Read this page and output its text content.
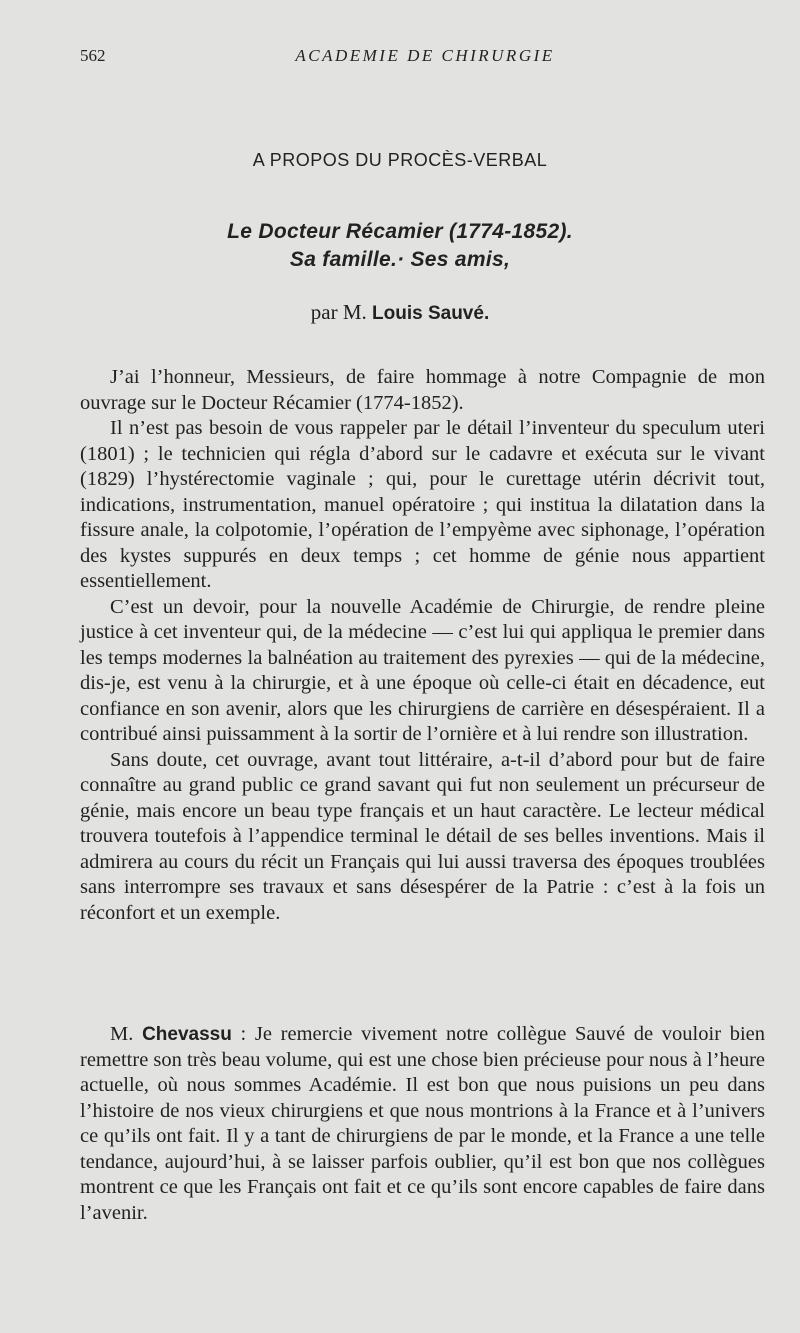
562	ACADEMIE DE CHIRURGIE
A PROPOS DU PROCÈS-VERBAL
Le Docteur Récamier (1774-1852).
Sa famille.· Ses amis,
par M. Louis Sauvé.

J’ai l’honneur, Messieurs, de faire hommage à notre Compagnie de mon ouvrage sur le Docteur Récamier (1774-1852).

Il n’est pas besoin de vous rappeler par le détail l’inventeur du speculum uteri (1801) ; le technicien qui régla d’abord sur le cadavre et exécuta sur le vivant (1829) l’hystérectomie vaginale ; qui, pour le curettage utérin décrivit tout, indications, instrumentation, manuel opératoire ; qui institua la dilatation dans la fissure anale, la colpotomie, l’opération de l’empyème avec siphonage, l’opération des kystes suppurés en deux temps ; cet homme de génie nous appartient essentiellement.

C’est un devoir, pour la nouvelle Académie de Chirurgie, de rendre pleine justice à cet inventeur qui, de la médecine — c’est lui qui appliqua le premier dans les temps modernes la balnéation au traitement des pyrexies — qui de la médecine, dis-je, est venu à la chirurgie, et à une époque où celle-ci était en décadence, eut confiance en son avenir, alors que les chirurgiens de carrière en désespéraient. Il a contribué ainsi puissamment à la sortir de l’ornière et à lui rendre son illustration.

Sans doute, cet ouvrage, avant tout littéraire, a-t-il d’abord pour but de faire connaître au grand public ce grand savant qui fut non seulement un précurseur de génie, mais encore un beau type français et un haut caractère. Le lecteur médical trouvera toutefois à l’appendice terminal le détail de ses belles inventions. Mais il admirera au cours du récit un Français qui lui aussi traversa des époques troublées sans interrompre ses travaux et sans désespérer de la Patrie : c’est à la fois un réconfort et un exemple.

M. Chevassu : Je remercie vivement notre collègue Sauvé de vouloir bien remettre son très beau volume, qui est une chose bien précieuse pour nous à l’heure actuelle, où nous sommes Académie. Il est bon que nous puisions un peu dans l’histoire de nos vieux chirurgiens et que nous montrions à la France et à l’univers ce qu’ils ont fait. Il y a tant de chirurgiens de par le monde, et la France a une telle tendance, aujourd’hui, à se laisser parfois oublier, qu’il est bon que nos collègues montrent ce que les Français ont fait et ce qu’ils sont encore capables de faire dans l’avenir.
